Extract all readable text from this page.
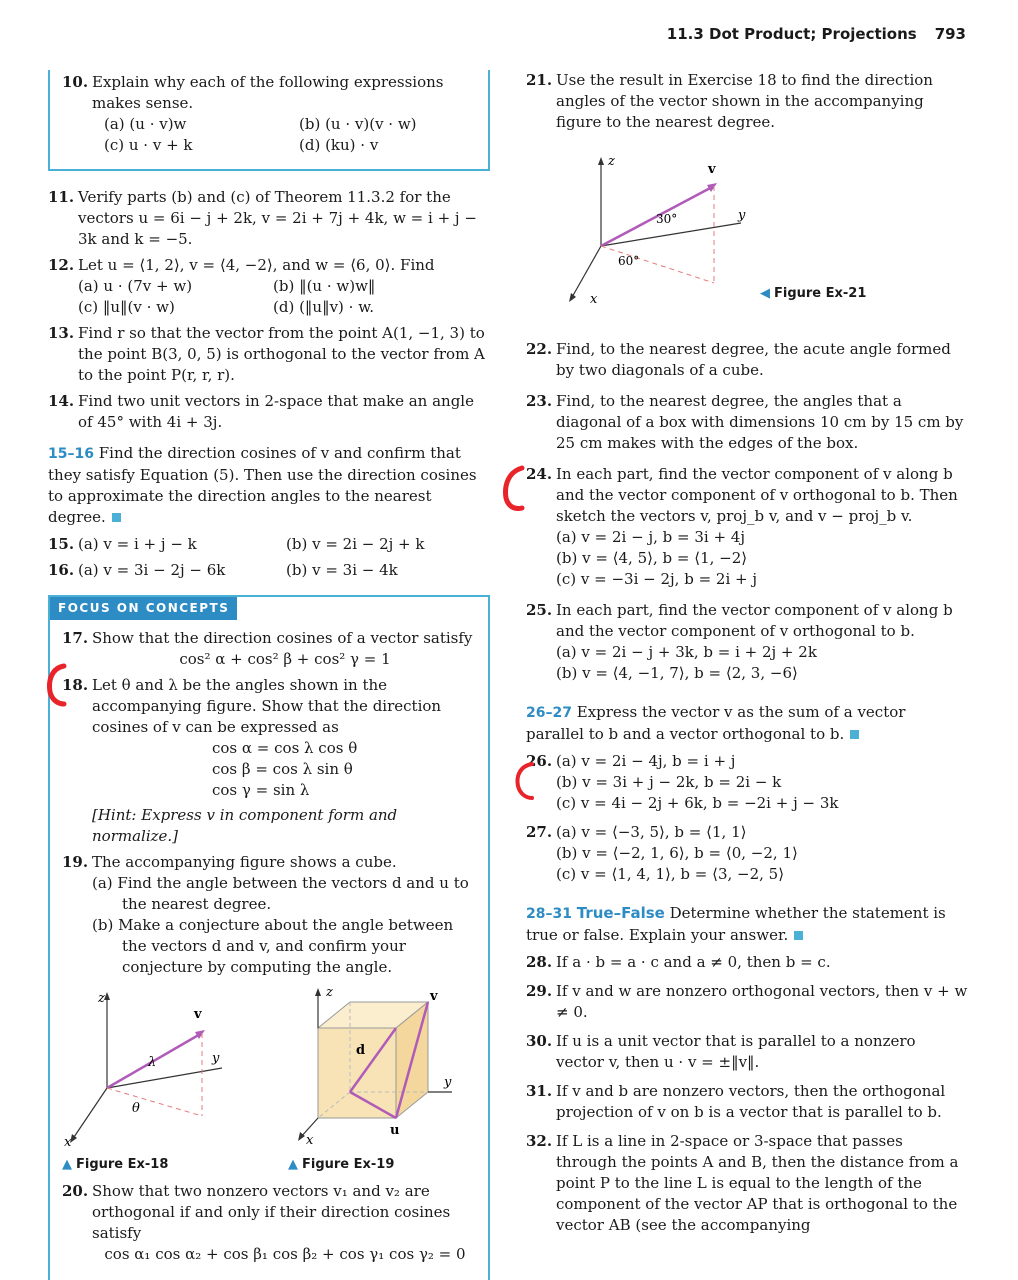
11.3 Dot Product; Projections 793
10. Explain why each of the following expressions makes sense.

(a) (u · v)w	(b) (u · v)(v · w)
(c) u · v + k	(d) (ku) · v
11. Verify parts (b) and (c) of Theorem 11.3.2 for the vectors u = 6i − j + 2k, v = 2i + 7j + 4k, w = i + j − 3k and k = −5.

12. Let u = ⟨1, 2⟩, v = ⟨4, −2⟩, and w = ⟨6, 0⟩. Find

(a) u · (7v + w)	(b) ‖(u · w)w‖
(c) ‖u‖(v · w)	(d) (‖u‖v) · w.
13. Find r so that the vector from the point A(1, −1, 3) to the point B(3, 0, 5) is orthogonal to the vector from A to the point P(r, r, r).

14. Find two unit vectors in 2-space that make an angle of 45° with 4i + 3j.

15–16 Find the direction cosines of v and confirm that they satisfy Equation (5). Then use the direction cosines to approximate the direction angles to the nearest degree.

15. (a) v = i + j − k	(b) v = 2i − 2j + k
16. (a) v = 3i − 2j − 6k	(b) v = 3i − 4k
FOCUS ON CONCEPTS
17. Show that the direction cosines of a vector satisfy

cos² α + cos² β + cos² γ = 1

18. Let θ and λ be the angles shown in the accompanying figure. Show that the direction cosines of v can be expressed as

cos α = cos λ cos θ

cos β = cos λ sin θ

cos γ = sin λ

[Hint: Express v in component form and normalize.]

19. The accompanying figure shows a cube.

(a) Find the angle between the vectors d and u to the nearest degree.

(b) Make a conjecture about the angle between the vectors d and v, and confirm your conjecture by computing the angle.

z
y
x
v
λ
θ
▲ Figure Ex-18
z
y
x
v
d
u
▲ Figure Ex-19
20. Show that two nonzero vectors v₁ and v₂ are orthogonal if and only if their direction cosines satisfy

cos α₁ cos α₂ + cos β₁ cos β₂ + cos γ₁ cos γ₂ = 0

21. Use the result in Exercise 18 to find the direction angles of the vector shown in the accompanying figure to the nearest degree.

z
y
x
v
30°
60°
◀ Figure Ex-21
22. Find, to the nearest degree, the acute angle formed by two diagonals of a cube.

23. Find, to the nearest degree, the angles that a diagonal of a box with dimensions 10 cm by 15 cm by 25 cm makes with the edges of the box.

24. In each part, find the vector component of v along b and the vector component of v orthogonal to b. Then sketch the vectors v, proj_b v, and v − proj_b v.

(a) v = 2i − j, b = 3i + 4j

(b) v = ⟨4, 5⟩, b = ⟨1, −2⟩

(c) v = −3i − 2j, b = 2i + j

25. In each part, find the vector component of v along b and the vector component of v orthogonal to b.

(a) v = 2i − j + 3k, b = i + 2j + 2k

(b) v = ⟨4, −1, 7⟩, b = ⟨2, 3, −6⟩

26–27 Express the vector v as the sum of a vector parallel to b and a vector orthogonal to b.

26. (a) v = 2i − 4j, b = i + j

(b) v = 3i + j − 2k, b = 2i − k

(c) v = 4i − 2j + 6k, b = −2i + j − 3k

27. (a) v = ⟨−3, 5⟩, b = ⟨1, 1⟩

(b) v = ⟨−2, 1, 6⟩, b = ⟨0, −2, 1⟩

(c) v = ⟨1, 4, 1⟩, b = ⟨3, −2, 5⟩

28–31 True–False Determine whether the statement is true or false. Explain your answer.

28. If a · b = a · c and a ≠ 0, then b = c.

29. If v and w are nonzero orthogonal vectors, then v + w ≠ 0.

30. If u is a unit vector that is parallel to a nonzero vector v, then u · v = ±‖v‖.

31. If v and b are nonzero vectors, then the orthogonal projection of v on b is a vector that is parallel to b.

32. If L is a line in 2-space or 3-space that passes through the points A and B, then the distance from a point P to the line L is equal to the length of the component of the vector AP that is orthogonal to the vector AB (see the accompanying
